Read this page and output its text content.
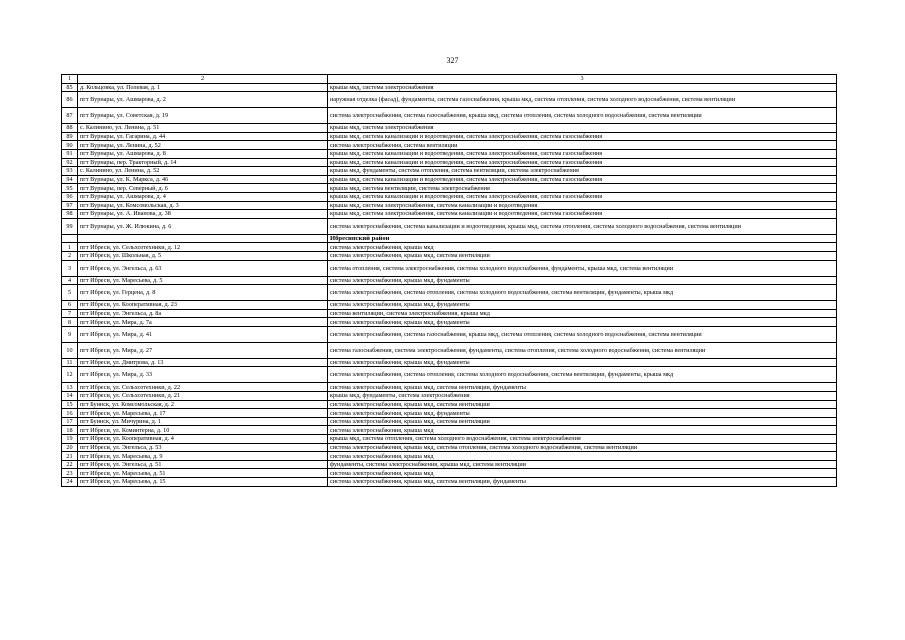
327
1	2	3
85	д. Кольцовка, ул. Полевая, д. 1	крыша мкд, система электроснабжения
86	пгт Вурнары, ул. Ашмарова, д. 2	наружная отделка (фасад), фундаменты, система газоснабжения, крыша мкд, система отопления, система холодного водоснабжения, система вентиляции
87	пгт Вурнары, ул. Советская, д. 19	система электроснабжения, система газоснабжения, крыша мкд, система отопления, система холодного водоснабжения, система вентиляции
88	с. Калинино, ул. Ленина, д. 51	крыша мкд, система электроснабжения
89	пгт Вурнары, ул. Гагарина, д. 44	крыша мкд, система канализации и водоотведения, система электроснабжения, система газоснабжения
90	пгт Вурнары, ул. Ленина, д. 52	система электроснабжения, система вентиляции
91	пгт Вурнары, ул. Ашмарова, д. 8	крыша мкд, система канализации и водоотведения, система электроснабжения, система газоснабжения
92	пгт Вурнары, пер. Тракторный, д. 14	крыша мкд, система канализации и водоотведения, система электроснабжения, система газоснабжения
93	с. Калинино, ул. Ленина, д. 52	крыша мкд, фундаменты, система отопления, система вентиляции, система электроснабжения
94	пгт Вурнары, ул. К. Маркса, д. 46	крыша мкд, система канализации и водоотведения, система электроснабжения, система газоснабжения
95	пгт Вурнары, пер. Северный, д. 6	крыша мкд, система вентиляции, система электроснабжения
96	пгт Вурнары, ул. Ашмарова, д. 4	крыша мкд, система канализации и водоотведения, система электроснабжения, система газоснабжения
97	пгт Вурнары, ул. Комсомольская, д. 3	крыша мкд, система электроснабжения, система канализации и водоотведения
98	пгт Вурнары, ул. А. Иванова, д. 38	крыша мкд, система электроснабжения, система канализации и водоотведения, система газоснабжения
99	пгт Вурнары, ул. Ж. Илюкина, д. 6	система электроснабжения, система канализации и водоотведения, крыша мкд, система отопления, система холодного водоснабжения, система вентиляции
		Ибресинский район
1	пгт Ибреси, ул. Сельхозтехники, д. 12	система электроснабжения, крыша мкд
2	пгт Ибреси, ул. Школьная, д. 5	система электроснабжения, крыша мкд, система вентиляции
3	пгт Ибреси, ул. Энгельса, д. 63	система отопления, система электроснабжения, система холодного водоснабжения, фундаменты, крыша мкд, система вентиляции
4	пгт Ибреси, ул. Маресьева, д. 5	система электроснабжения, крыша мкд, фундаменты
5	пгт Ибреси, ул. Герцена, д. 8	система электроснабжения, система отопления, система холодного водоснабжения, система вентиляции, фундаменты, крыша мкд
6	пгт Ибреси, ул. Кооперативная, д. 23	система электроснабжения, крыша мкд, фундаменты
7	пгт Ибреси, ул. Энгельса, д. 8а	система вентиляции, система электроснабжения, крыша мкд
8	пгт Ибреси, ул. Мира, д. 7а	система электроснабжения, крыша мкд, фундаменты
9	пгт Ибреси, ул. Мира, д. 41	система электроснабжения, система газоснабжения, крыша мкд, система отопления, система холодного водоснабжения, система вентиляции
10	пгт Ибреси, ул. Мира, д. 27	система газоснабжения, система электроснабжения, фундаменты, система отопления, система холодного водоснабжения, система вентиляции
11	пгт Ибреси, ул. Дмитрова, д. 13	система электроснабжения, крыша мкд, фундаменты
12	пгт Ибреси, ул. Мира, д. 33	система электроснабжения, система отопления, система холодного водоснабжения, система вентиляции, фундаменты, крыша мкд
13	пгт Ибреси, ул. Сельхозтехники, д. 22	система электроснабжения, крыша мкд, система вентиляции, фундаменты
14	пгт Ибреси, ул. Сельхозтехники, д. 21	крыша мкд, фундаменты, система электроснабжения
15	пгт Буинск, ул. Комсомольская, д. 2	система электроснабжения, крыша мкд, система вентиляции
16	пгт Ибреси, ул. Маресьева, д. 17	система электроснабжения, крыша мкд, фундаменты
17	пгт Буинск, ул. Мичурина, д. 1	система электроснабжения, крыша мкд, система вентиляции
18	пгт Ибреси, ул. Коминтерна, д. 10	система электроснабжения, крыша мкд
19	пгт Ибреси, ул. Кооперативная, д. 4	крыша мкд, система отопления, система холодного водоснабжения, система электроснабжения
20	пгт Ибреси, ул. Энгельса, д. 53	система электроснабжения, крыша мкд, система отопления, система холодного водоснабжения, система вентиляции
21	пгт Ибреси, ул. Маресьева, д. 9	система электроснабжения, крыша мкд
22	пгт Ибреси, ул. Энгельса, д. 51	фундаменты, система электроснабжения, крыша мкд, система вентиляции
23	пгт Ибреси, ул. Маресьева, д. 51	система электроснабжения, крыша мкд
24	пгт Ибреси, ул. Маресьева, д. 15	система электроснабжения, крыша мкд, система вентиляции, фундаменты
